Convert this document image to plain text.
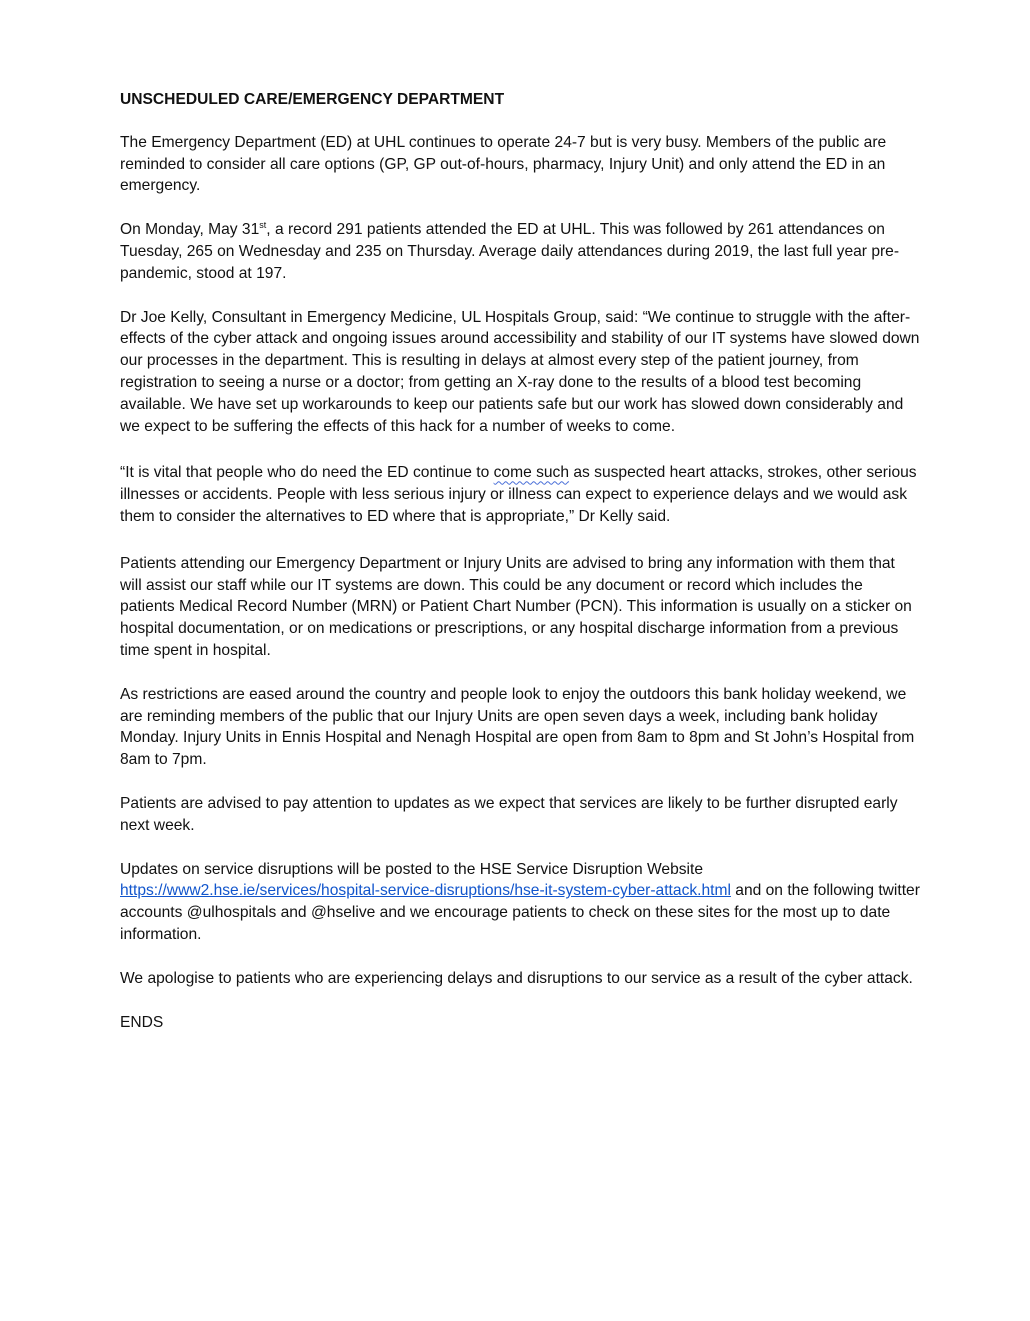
UNSCHEDULED CARE/EMERGENCY DEPARTMENT

The Emergency Department (ED) at UHL continues to operate 24-7 but is very busy. Members of the public are reminded to consider all care options (GP, GP out-of-hours, pharmacy, Injury Unit) and only attend the ED in an emergency.

On Monday, May 31st, a record 291 patients attended the ED at UHL. This was followed by 261 attendances on Tuesday, 265 on Wednesday and 235 on Thursday. Average daily attendances during 2019, the last full year pre-pandemic, stood at 197.

Dr Joe Kelly, Consultant in Emergency Medicine, UL Hospitals Group, said: “We continue to struggle with the after-effects of the cyber attack and ongoing issues around accessibility and stability of our IT systems have slowed down our processes in the department. This is resulting in delays at almost every step of the patient journey, from registration to seeing a nurse or a doctor; from getting an X-ray done to the results of a blood test becoming available. We have set up workarounds to keep our patients safe but our work has slowed down considerably and we expect to be suffering the effects of this hack for a number of weeks to come.

“It is vital that people who do need the ED continue to come such as suspected heart attacks, strokes, other serious illnesses or accidents. People with less serious injury or illness can expect to experience delays and we would ask them to consider the alternatives to ED where that is appropriate,” Dr Kelly said.

Patients attending our Emergency Department or Injury Units are advised to bring any information with them that will assist our staff while our IT systems are down. This could be any document or record which includes the patients Medical Record Number (MRN) or Patient Chart Number (PCN). This information is usually on a sticker on hospital documentation, or on medications or prescriptions, or any hospital discharge information from a previous time spent in hospital.

As restrictions are eased around the country and people look to enjoy the outdoors this bank holiday weekend, we are reminding members of the public that our Injury Units are open seven days a week, including bank holiday Monday. Injury Units in Ennis Hospital and Nenagh Hospital are open from 8am to 8pm and St John’s Hospital from 8am to 7pm.

Patients are advised to pay attention to updates as we expect that services are likely to be further disrupted early next week.

Updates on service disruptions will be posted to the HSE Service Disruption Website https://www2.hse.ie/services/hospital-service-disruptions/hse-it-system-cyber-attack.html and on the following twitter accounts @ulhospitals and @hselive and we encourage patients to check on these sites for the most up to date information.

We apologise to patients who are experiencing delays and disruptions to our service as a result of the cyber attack.

ENDS
